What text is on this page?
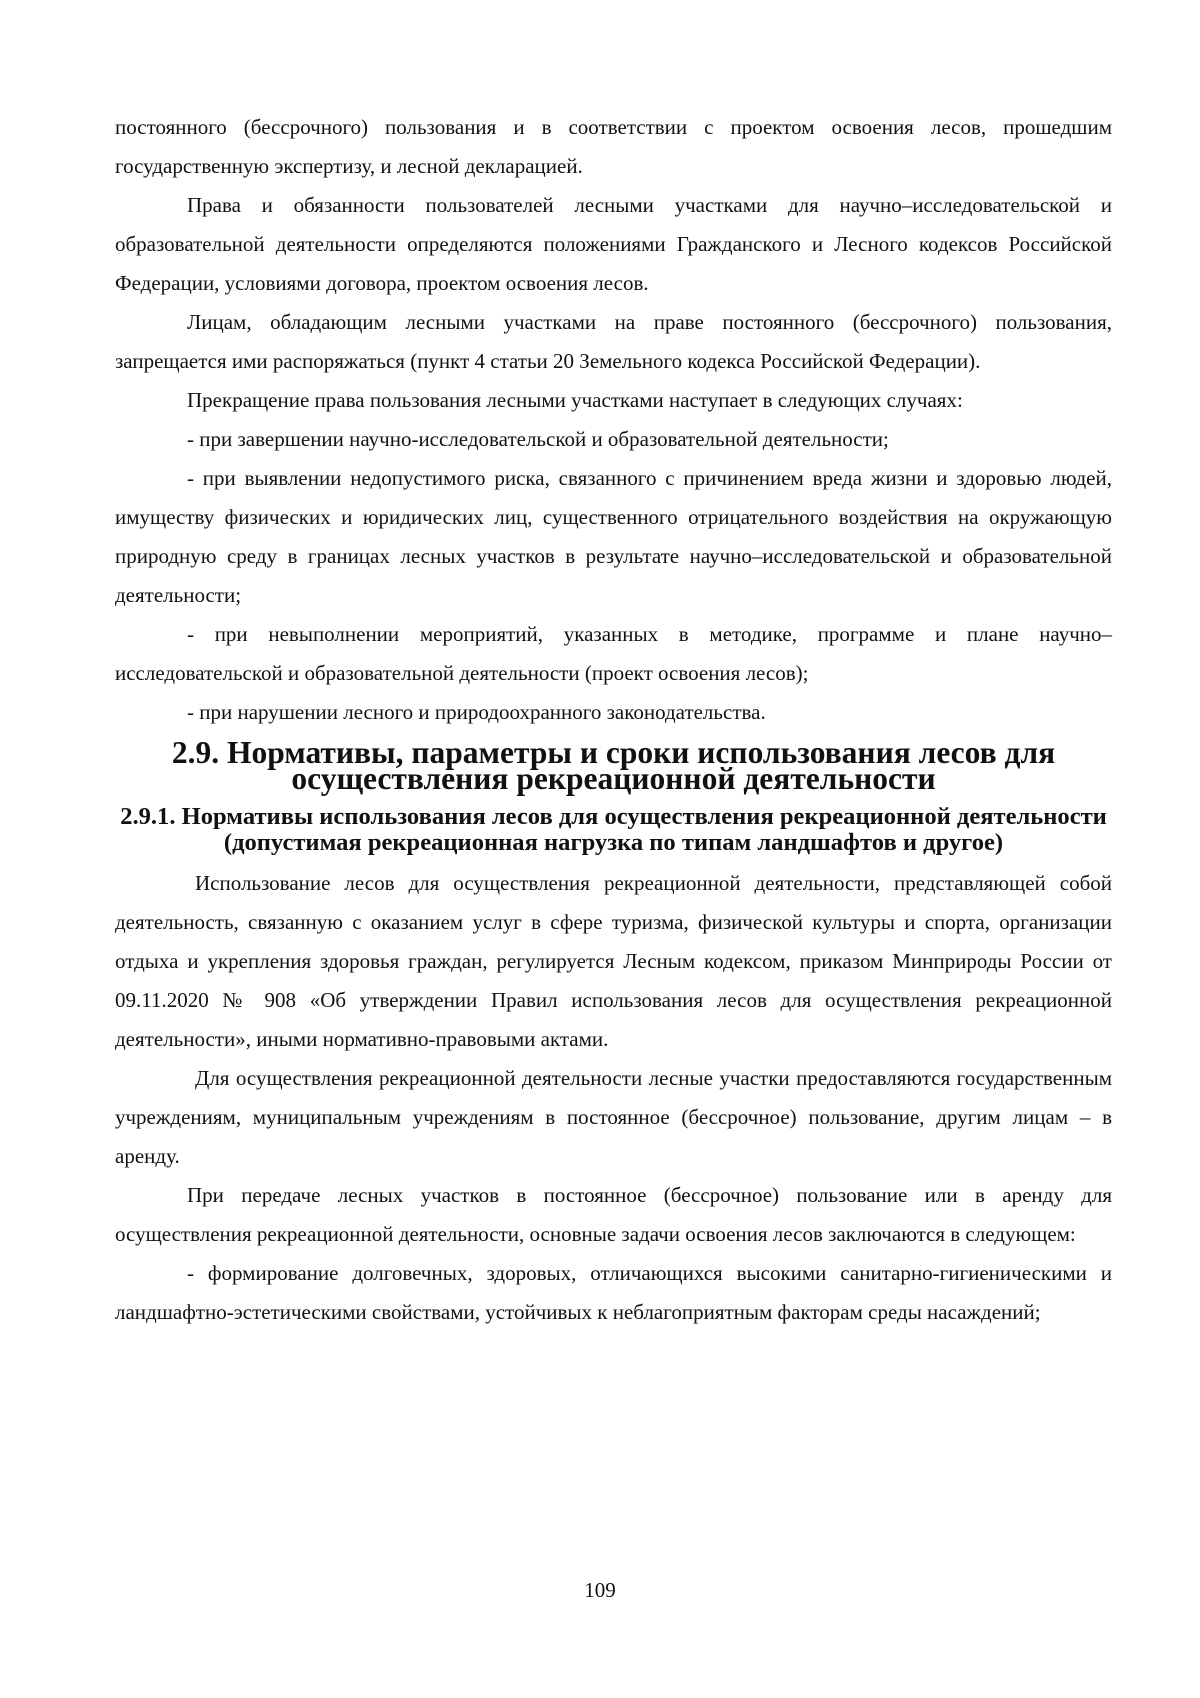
постоянного (бессрочного) пользования и в соответствии с проектом освоения лесов, прошедшим государственную экспертизу, и лесной декларацией.

Права и обязанности пользователей лесными участками для научно–исследовательской и образовательной деятельности определяются положениями Гражданского и Лесного кодексов Российской Федерации, условиями договора, проектом освоения лесов.

Лицам, обладающим лесными участками на праве постоянного (бессрочного) пользования, запрещается ими распоряжаться (пункт 4 статьи 20 Земельного кодекса Российской Федерации).

Прекращение права пользования лесными участками наступает в следующих случаях:

- при завершении научно-исследовательской и образовательной деятельности;

- при выявлении недопустимого риска, связанного с причинением вреда жизни и здоровью людей, имуществу физических и юридических лиц, существенного отрицательного воздействия на окружающую природную среду в границах лесных участков в результате научно–исследовательской и образовательной деятельности;

- при невыполнении мероприятий, указанных в методике, программе и плане научно–исследовательской и образовательной деятельности (проект освоения лесов);

- при нарушении лесного и природоохранного законодательства.

2.9. Нормативы, параметры и сроки использования лесов для осуществления рекреационной деятельности
2.9.1. Нормативы использования лесов для осуществления рекреационной деятельности (допустимая рекреационная нагрузка по типам ландшафтов и другое)

Использование лесов для осуществления рекреационной деятельности, представляющей собой деятельность, связанную с оказанием услуг в сфере туризма, физической культуры и спорта, организации отдыха и укрепления здоровья граждан, регулируется Лесным кодексом, приказом Минприроды России от 09.11.2020 № 908 «Об утверждении Правил использования лесов для осуществления рекреационной деятельности», иными нормативно-правовыми актами.

Для осуществления рекреационной деятельности лесные участки предоставляются государственным учреждениям, муниципальным учреждениям в постоянное (бессрочное) пользование, другим лицам – в аренду.

При передаче лесных участков в постоянное (бессрочное) пользование или в аренду для осуществления рекреационной деятельности, основные задачи освоения лесов заключаются в следующем:

- формирование долговечных, здоровых, отличающихся высокими санитарно-гигиеническими и ландшафтно-эстетическими свойствами, устойчивых к неблагоприятным факторам среды насаждений;

109
